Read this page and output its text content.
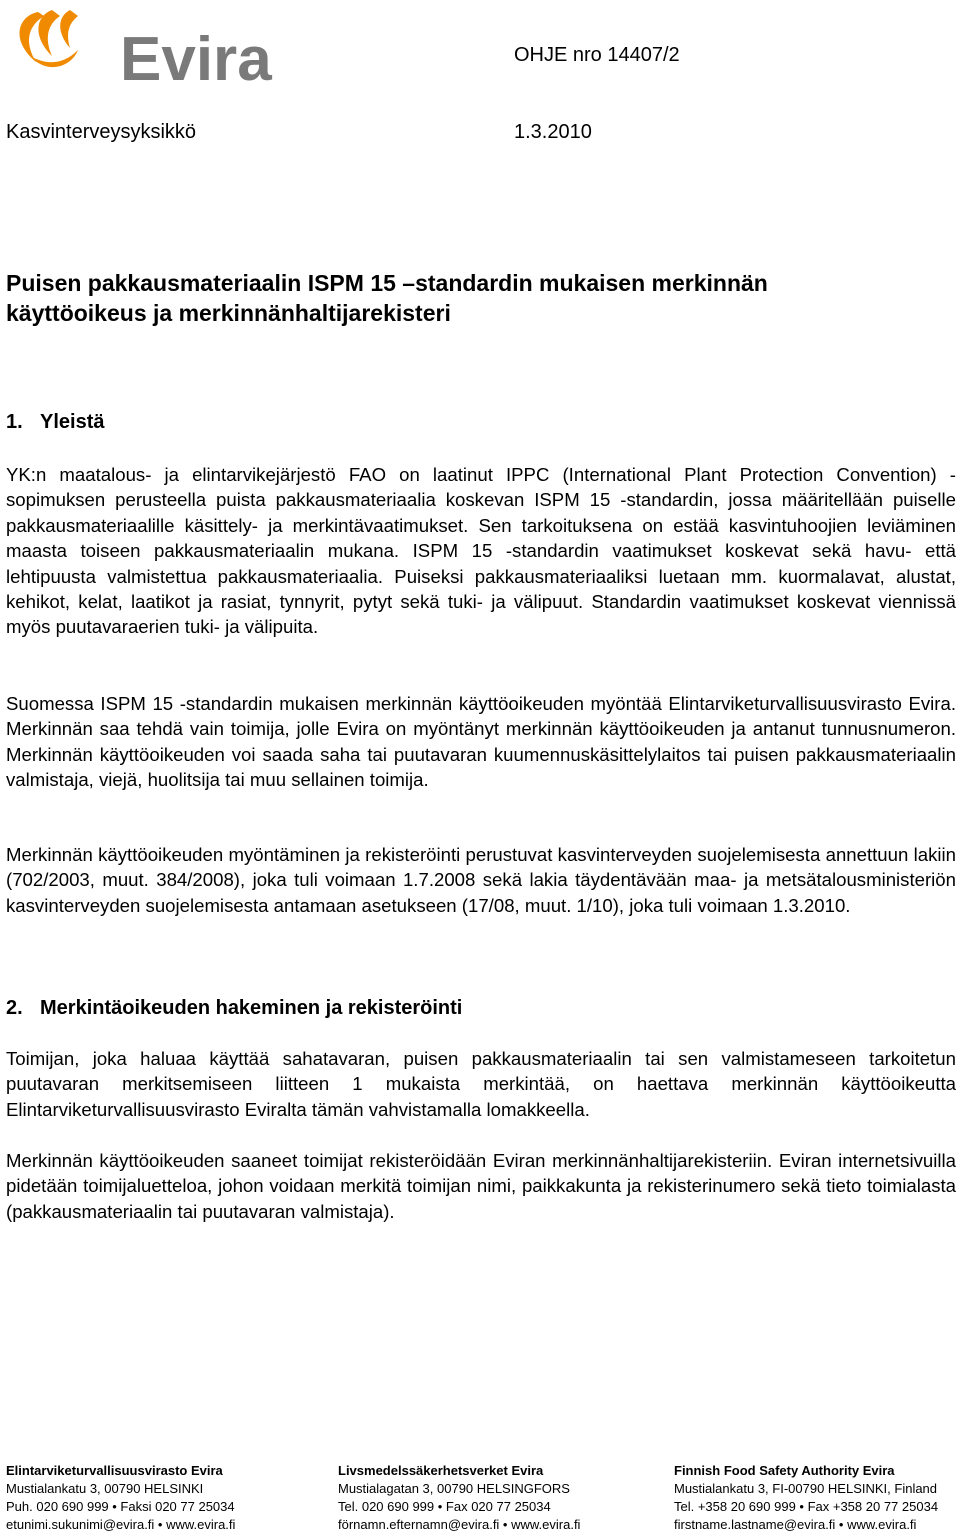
Evira	OHJE nro 14407/2
Kasvinterveysyksikkö	1.3.2010
Puisen pakkausmateriaalin ISPM 15 –standardin mukaisen merkinnän
käyttöoikeus ja merkinnänhaltijarekisteri
1. Yleistä
YK:n maatalous- ja elintarvikejärjestö FAO on laatinut IPPC (International Plant Protection Convention) -sopimuksen perusteella puista pakkausmateriaalia koskevan ISPM 15 -standardin, jossa määritellään puiselle pakkausmateriaalille käsittely- ja merkintävaatimukset. Sen tarkoituksena on estää kasvintuhoojien leviäminen maasta toiseen pakkausmateriaalin mukana. ISPM 15 -standardin vaatimukset koskevat sekä havu- että lehtipuusta valmistettua pakkausmateriaalia. Puiseksi pakkausmateriaaliksi luetaan mm. kuormalavat, alustat, kehikot, kelat, laatikot ja rasiat, tynnyrit, pytyt sekä tuki- ja välipuut. Standardin vaatimukset koskevat viennissä myös puutavaraerien tuki- ja välipuita.
Suomessa ISPM 15 -standardin mukaisen merkinnän käyttöoikeuden myöntää Elintarviketurvallisuusvirasto Evira. Merkinnän saa tehdä vain toimija, jolle Evira on myöntänyt merkinnän käyttöoikeuden ja antanut tunnusnumeron. Merkinnän käyttöoikeuden voi saada saha tai puutavaran kuumennuskäsittelylaitos tai puisen pakkausmateriaalin valmistaja, viejä, huolitsija tai muu sellainen toimija.
Merkinnän käyttöoikeuden myöntäminen ja rekisteröinti perustuvat kasvinterveyden suojelemisesta annettuun lakiin (702/2003, muut. 384/2008), joka tuli voimaan 1.7.2008 sekä lakia täydentävään maa- ja metsätalousministeriön kasvinterveyden suojelemisesta antamaan asetukseen (17/08, muut. 1/10), joka tuli voimaan 1.3.2010.
2. Merkintäoikeuden hakeminen ja rekisteröinti
Toimijan, joka haluaa käyttää sahatavaran, puisen pakkausmateriaalin tai sen valmistameseen tarkoitetun puutavaran merkitsemiseen liitteen 1 mukaista merkintää, on haettava merkinnän käyttöoikeutta Elintarviketurvallisuusvirasto Eviralta tämän vahvistamalla lomakkeella.
Merkinnän käyttöoikeuden saaneet toimijat rekisteröidään Eviran merkinnänhaltijarekisteriin. Eviran internetsivuilla pidetään toimijaluetteloa, johon voidaan merkitä toimijan nimi, paikkakunta ja rekisterinumero sekä tieto toimialasta (pakkausmateriaalin tai puutavaran valmistaja).
Elintarviketurvallisuusvirasto Evira
Mustialankatu 3, 00790 HELSINKI
Puh. 020 690 999 • Faksi 020 77 25034
etunimi.sukunimi@evira.fi • www.evira.fi
Livsmedelssäkerhetsverket Evira
Mustialagatan 3, 00790 HELSINGFORS
Tel. 020 690 999 • Fax 020 77 25034
förnamn.efternamn@evira.fi • www.evira.fi
Finnish Food Safety Authority Evira
Mustialankatu 3, FI-00790 HELSINKI, Finland
Tel. +358 20 690 999 • Fax +358 20 77 25034
firstname.lastname@evira.fi • www.evira.fi
